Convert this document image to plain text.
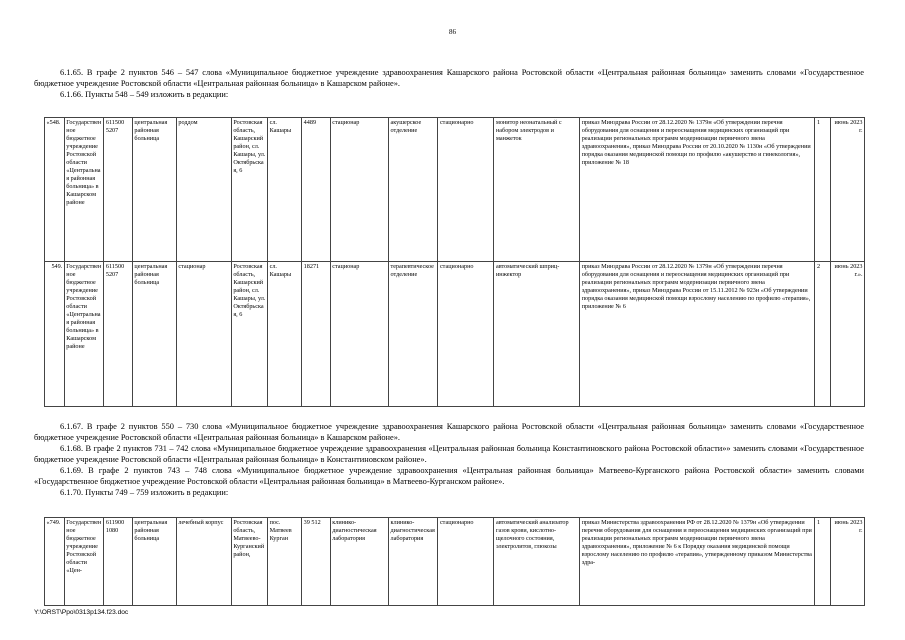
86

6.1.65. В графе 2 пунктов 546 – 547 слова «Муниципальное бюджетное учреждение здравоохранения Кашарского района Ростовской области «Центральная районная больница» заменить словами «Государственное бюджетное учреждение Ростовской области «Центральная районная больница» в Кашарском районе».

6.1.66. Пункты 548 – 549 изложить в редакции:

«548.	Государственное бюджетное учреждение Ростовской области «Центральная районная больница» в Кашарском районе	611500 5207	центральная районная больница	роддом	Ростовская область, Кашарский район, сл. Кашары, ул. Октябрьская, 6	сл. Кашары	4489	стационар	акушерское отделение	стационарно	монитор неонатальный с набором электродов и манжеток	приказ Минздрава России от 28.12.2020 № 1379н «Об утверждении перечня оборудования для оснащения и переоснащения медицинских организаций при реализации региональных программ модернизации первичного звена здравоохранения», приказ Минздрава России от 20.10.2020 № 1130н «Об утверждении порядка оказания медицинской помощи по профилю «акушерство и гинекология», приложение № 18	1	июнь 2023 г.
549.	Государственное бюджетное учреждение Ростовской области «Центральная районная больница» в Кашарском районе	611500 5207	центральная районная больница	стационар	Ростовская область, Кашарский район, сл. Кашары, ул. Октябрьская, 6	сл. Кашары	18271	стационар	терапевтическое отделение	стационарно	автоматический шприц-инжектор	приказ Минздрава России от 28.12.2020 № 1379н «Об утверждении перечня оборудования для оснащения и переоснащения медицинских организаций при реализации региональных программ модернизации первичного звена здравоохранения», приказ Минздрава России от 15.11.2012 № 923н «Об утверждении порядка оказания медицинской помощи взрослому населению по профилю «терапия», приложение № 6	2	июнь 2023 г.».

6.1.67. В графе 2 пунктов 550 – 730 слова «Муниципальное бюджетное учреждение здравоохранения Кашарского района Ростовской области «Центральная районная больница» заменить словами «Государственное бюджетное учреждение Ростовской области «Центральная районная больница» в Кашарском районе».

6.1.68. В графе 2 пунктов 731 – 742 слова «Муниципальное бюджетное учреждение здравоохранения «Центральная районная больница Константиновского района Ростовской области»» заменить словами «Государственное бюджетное учреждение Ростовской области «Центральная районная больница» в Константиновском районе».

6.1.69. В графе 2 пунктов 743 – 748 слова «Муниципальное бюджетное учреждение здравоохранения «Центральная районная больница» Матвеево-Курганского района Ростовской области» заменить словами «Государственное бюджетное учреждение Ростовской области «Центральная районная больница» в Матвеево-Курганском районе».

6.1.70. Пункты 749 – 759 изложить в редакции:

«749.	Государственное бюджетное учреждение Ростовской области «Цен-	611900 1080	центральная районная больница	лечебный корпус	Ростовская область, Матвеево-Курганский район,	пос. Матвеев Курган	39 512	клинико-диагностическая лаборатория	клинико-диагностическая лаборатория	стационарно	автоматический анализатор газов крови, кислотно-щелочного состояния, электролитов, глюкозы	приказ Министерства здравоохранения РФ от 28.12.2020 № 1379н «Об утверждении перечня оборудования для оснащения и переоснащения медицинских организаций при реализации региональных программ модернизации первичного звена здравоохранения», приложение № 6 к Порядку оказания медицинской помощи взрослому населению по профилю «терапия», утвержденному приказом Министерства здра-	1	июнь 2023 г.
Y:\ORST\Ppo\0313p134.f23.doc
